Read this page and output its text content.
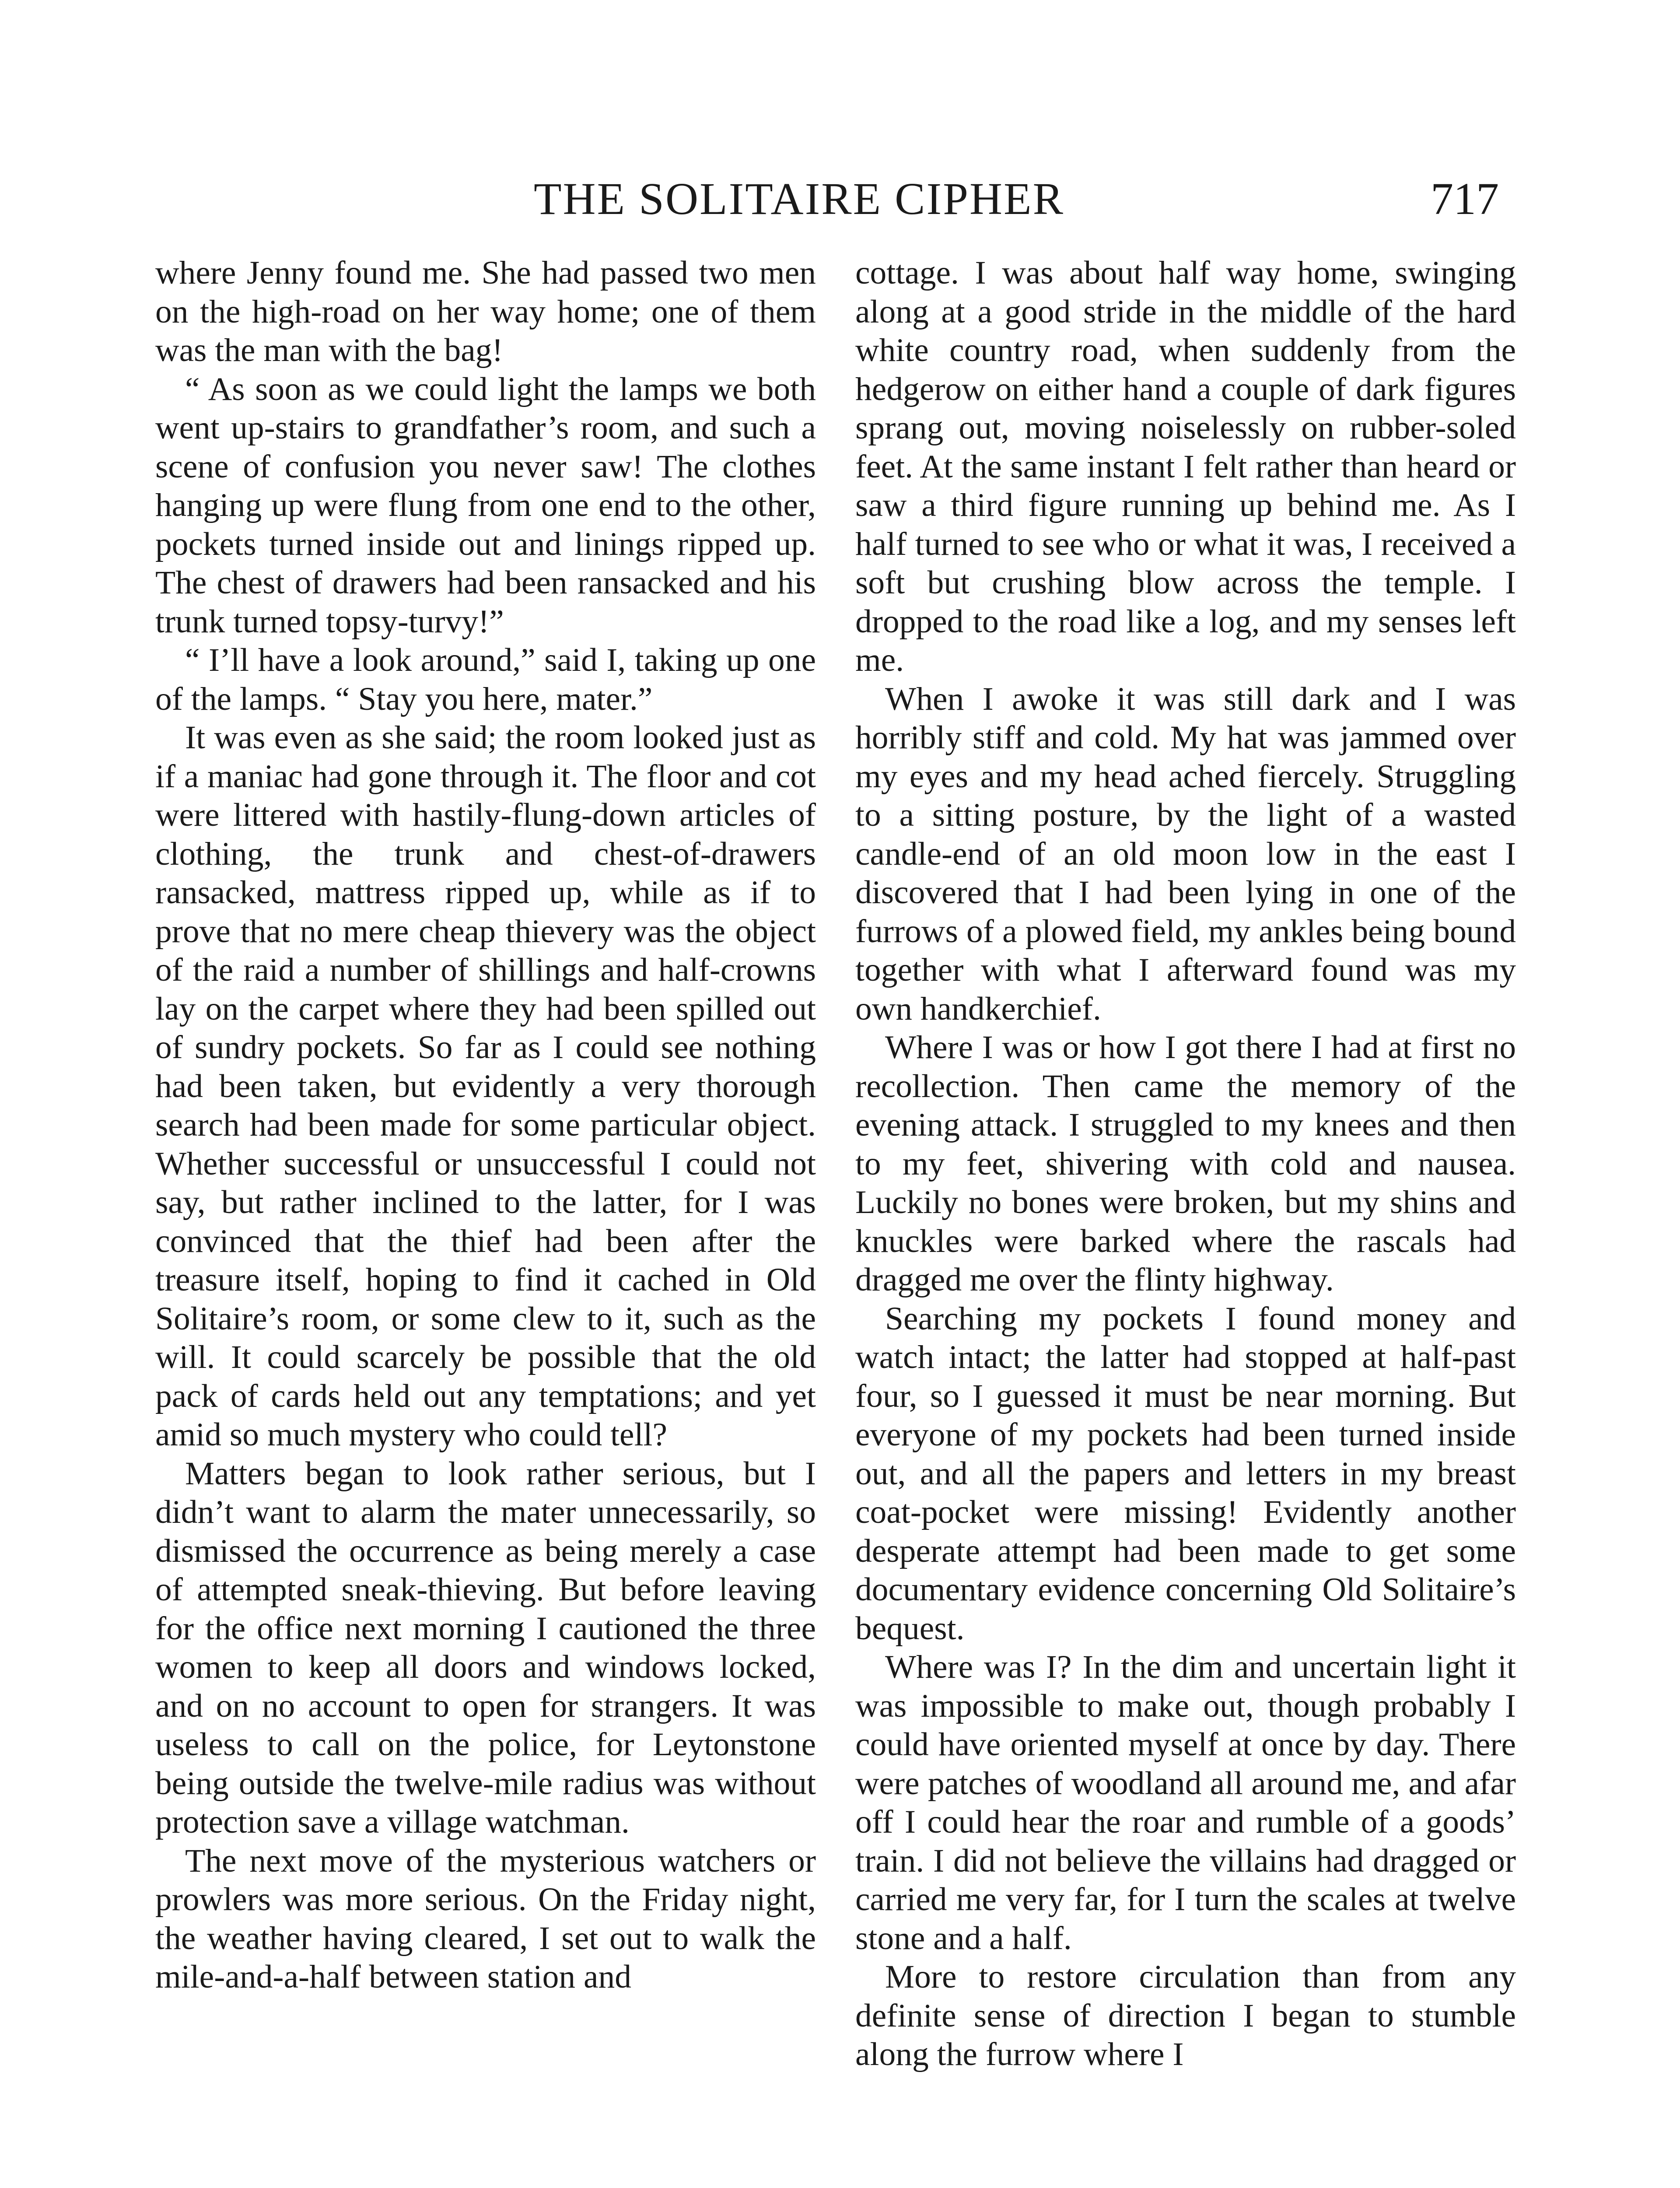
THE SOLITAIRE CIPHER	717

where Jenny found me. She had passed two men on the high-road on her way home; one of them was the man with the bag!

“ As soon as we could light the lamps we both went up-stairs to grandfather’s room, and such a scene of confusion you never saw! The clothes hanging up were flung from one end to the other, pockets turned inside out and linings ripped up. The chest of drawers had been ransacked and his trunk turned topsy-turvy!”

“ I’ll have a look around,” said I, taking up one of the lamps. “ Stay you here, mater.”

It was even as she said; the room looked just as if a maniac had gone through it. The floor and cot were littered with hastily-flung-down articles of clothing, the trunk and chest-of-drawers ransacked, mattress ripped up, while as if to prove that no mere cheap thievery was the object of the raid a number of shillings and half-crowns lay on the carpet where they had been spilled out of sundry pockets. So far as I could see nothing had been taken, but evidently a very thorough search had been made for some particular object. Whether successful or unsuccessful I could not say, but rather inclined to the latter, for I was convinced that the thief had been after the treasure itself, hoping to find it cached in Old Solitaire’s room, or some clew to it, such as the will. It could scarcely be possible that the old pack of cards held out any temptations; and yet amid so much mystery who could tell?

Matters began to look rather serious, but I didn’t want to alarm the mater unnecessarily, so dismissed the occurrence as being merely a case of attempted sneak-thieving. But before leaving for the office next morning I cautioned the three women to keep all doors and windows locked, and on no account to open for strangers. It was useless to call on the police, for Leytonstone being outside the twelve-mile radius was without protection save a village watchman.

The next move of the mysterious watchers or prowlers was more serious. On the Friday night, the weather having cleared, I set out to walk the mile-and-a-half between station and

cottage. I was about half way home, swinging along at a good stride in the middle of the hard white country road, when suddenly from the hedgerow on either hand a couple of dark figures sprang out, moving noiselessly on rubber-soled feet. At the same instant I felt rather than heard or saw a third figure running up behind me. As I half turned to see who or what it was, I received a soft but crushing blow across the temple. I dropped to the road like a log, and my senses left me.

When I awoke it was still dark and I was horribly stiff and cold. My hat was jammed over my eyes and my head ached fiercely. Struggling to a sitting posture, by the light of a wasted candle-end of an old moon low in the east I discovered that I had been lying in one of the furrows of a plowed field, my ankles being bound together with what I afterward found was my own handkerchief.

Where I was or how I got there I had at first no recollection. Then came the memory of the evening attack. I struggled to my knees and then to my feet, shivering with cold and nausea. Luckily no bones were broken, but my shins and knuckles were barked where the rascals had dragged me over the flinty highway.

Searching my pockets I found money and watch intact; the latter had stopped at half-past four, so I guessed it must be near morning. But everyone of my pockets had been turned inside out, and all the papers and letters in my breast coat-pocket were missing! Evidently another desperate attempt had been made to get some documentary evidence concerning Old Solitaire’s bequest.

Where was I? In the dim and uncertain light it was impossible to make out, though probably I could have oriented myself at once by day. There were patches of woodland all around me, and afar off I could hear the roar and rumble of a goods’ train. I did not believe the villains had dragged or carried me very far, for I turn the scales at twelve stone and a half.

More to restore circulation than from any definite sense of direction I began to stumble along the furrow where I
